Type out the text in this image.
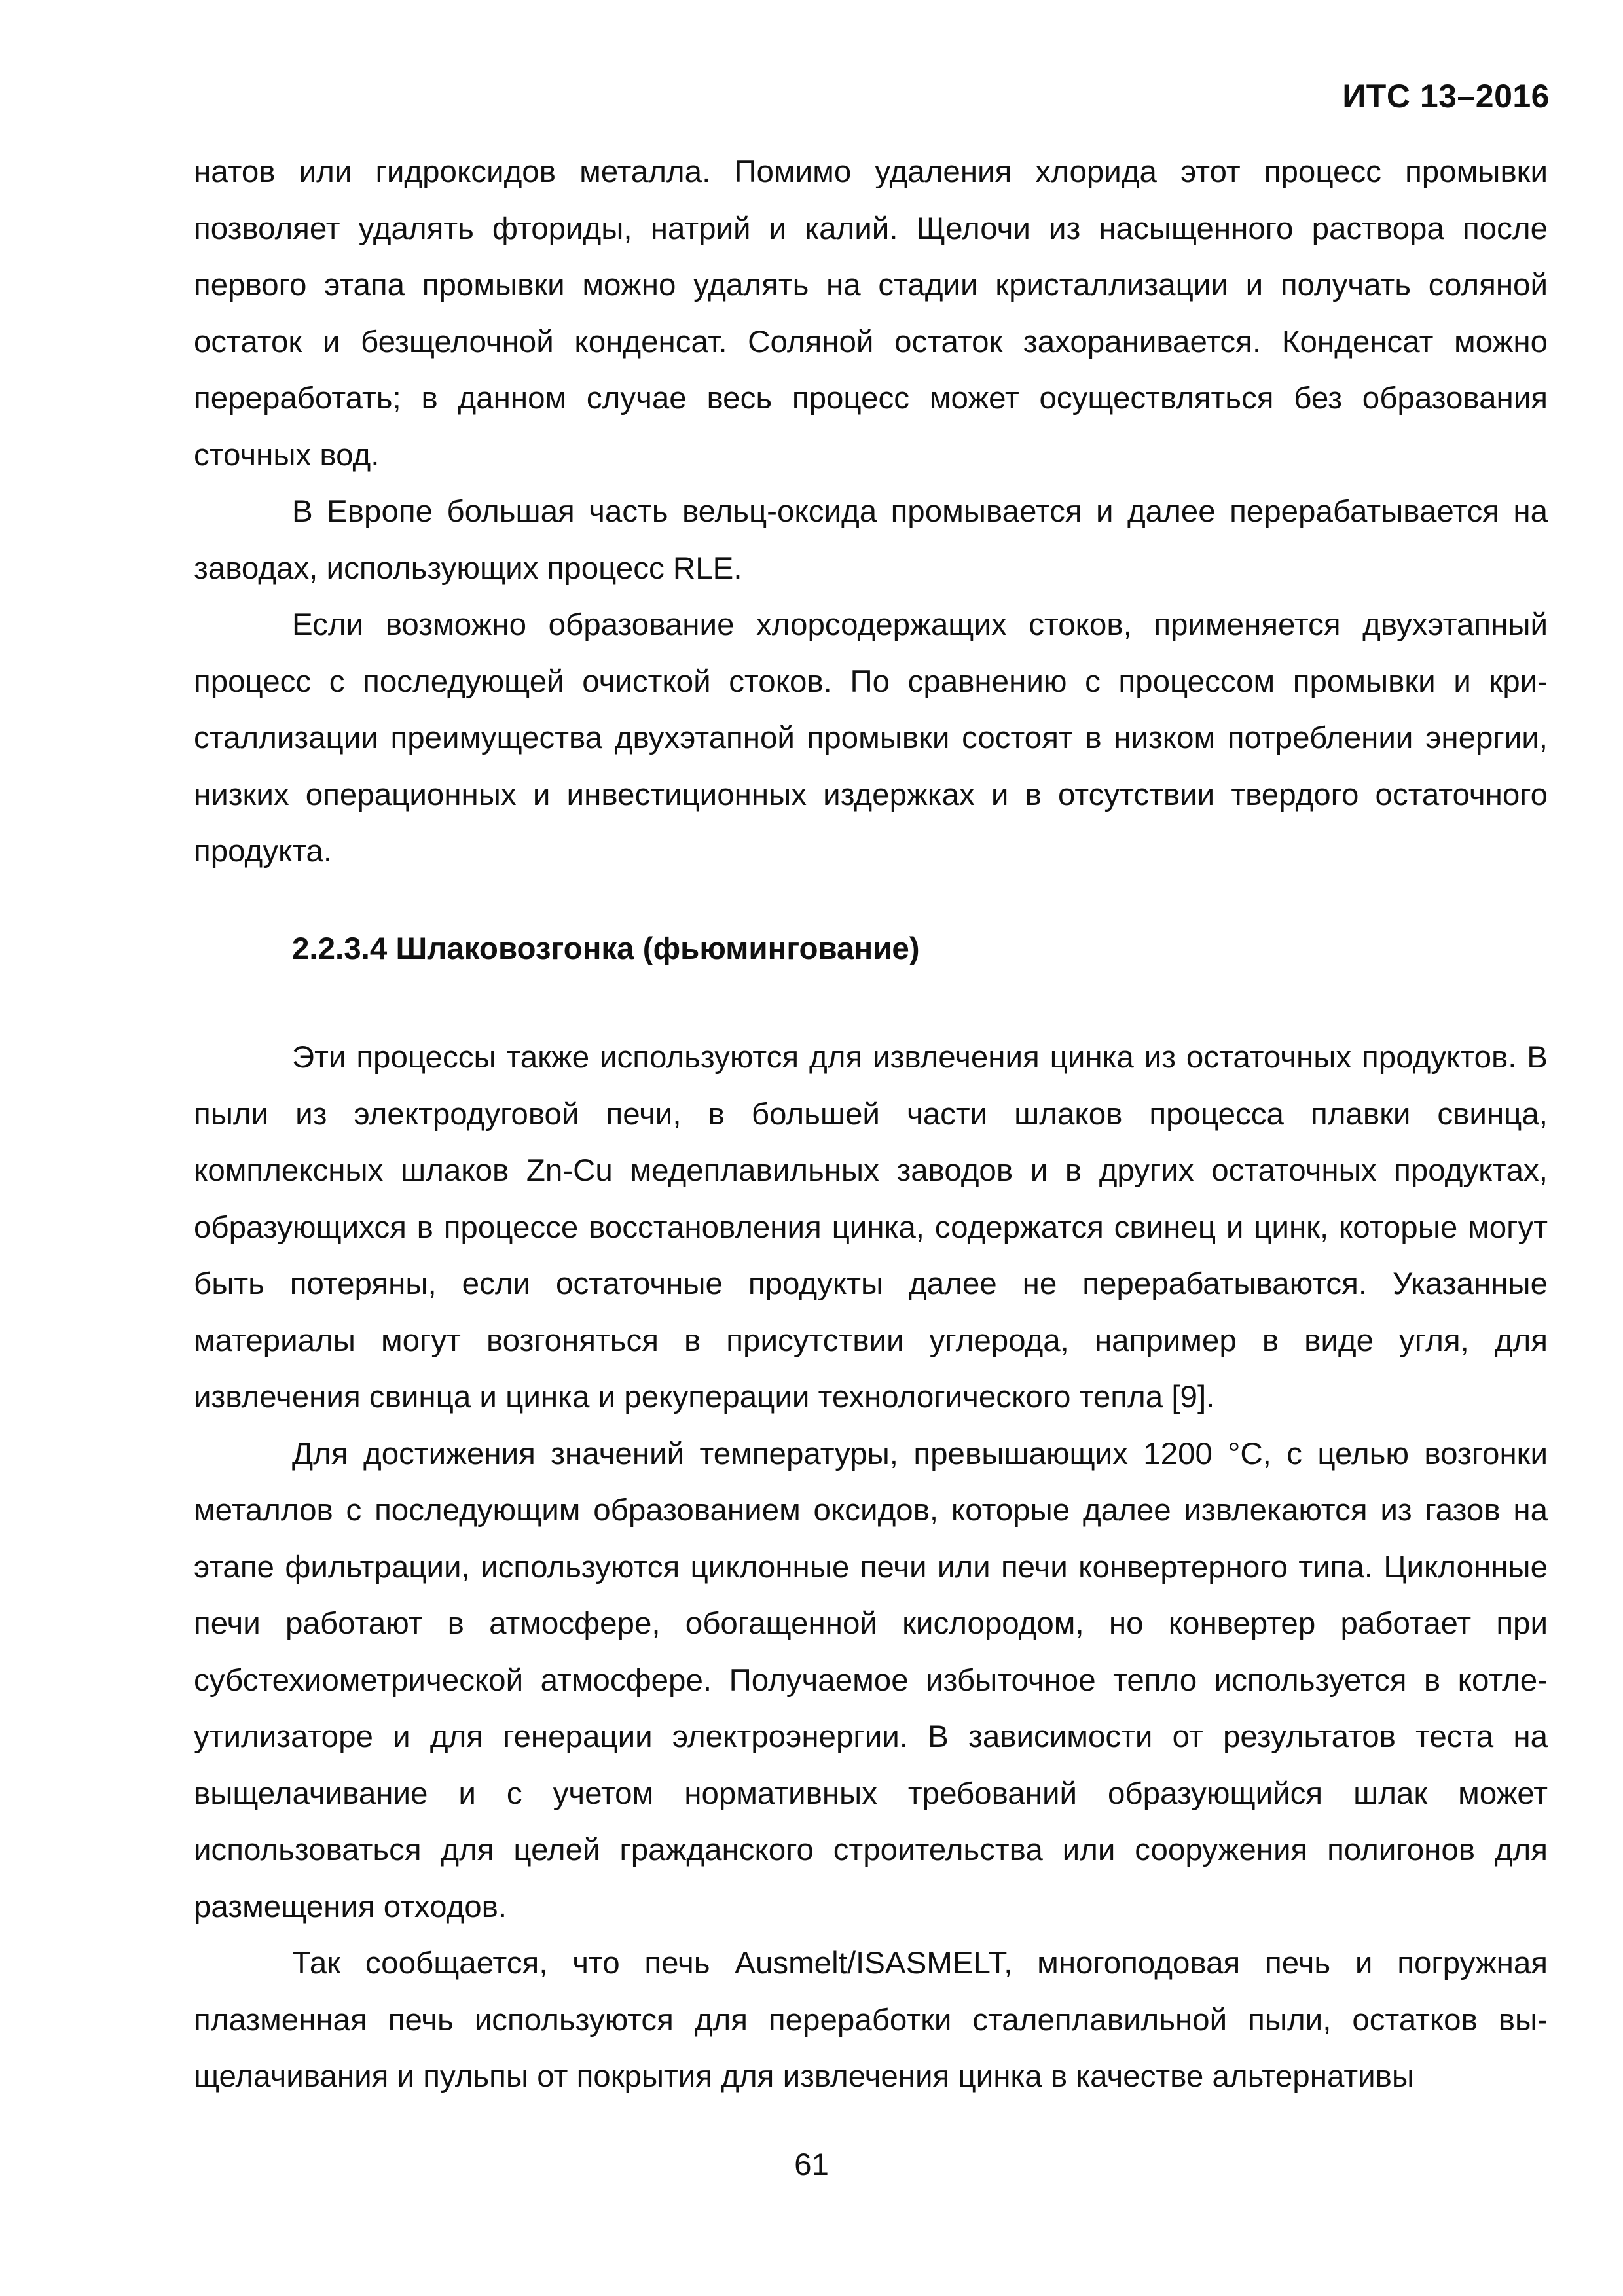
ИТС 13–2016

натов или гидроксидов металла. Помимо удаления хлорида этот процесс промывки позволяет удалять фториды, натрий и калий. Щелочи из насыщенного раствора после первого этапа промывки можно удалять на стадии кристаллизации и получать соляной остаток и безщелочной конденсат. Соляной остаток захоранивается. Конденсат можно переработать; в данном случае весь процесс может осуществляться без образования сточных вод.

В Европе большая часть вельц-оксида промывается и далее перерабатывается на заводах, использующих процесс RLE.

Если возможно образование хлорсодержащих стоков, применяется двухэтапный процесс с последующей очисткой стоков. По сравнению с процессом промывки и кристаллизации преимущества двухэтапной промывки состоят в низком потреблении энергии, низких операционных и инвестиционных издержках и в отсутствии твердого остаточного продукта.

2.2.3.4 Шлаковозгонка (фьюмингование)

Эти процессы также используются для извлечения цинка из остаточных продуктов. В пыли из электродуговой печи, в большей части шлаков процесса плавки свинца, комплексных шлаков Zn-Cu медеплавильных заводов и в других остаточных продуктах, образующихся в процессе восстановления цинка, содержатся свинец и цинк, которые могут быть потеряны, если остаточные продукты далее не перерабатываются. Указанные материалы могут возгоняться в присутствии углерода, например в виде угля, для извлечения свинца и цинка и рекуперации технологического тепла [9].

Для достижения значений температуры, превышающих 1200 °С, с целью возгонки металлов с последующим образованием оксидов, которые далее извлекаются из газов на этапе фильтрации, используются циклонные печи или печи конвертерного типа. Циклонные печи работают в атмосфере, обогащенной кислородом, но конвертер работает при субстехиометрической атмосфере. Получаемое избыточное тепло используется в котле-утилизаторе и для генерации электроэнергии. В зависимости от результатов теста на выщелачивание и с учетом нормативных требований образующийся шлак может использоваться для целей гражданского строительства или сооружения полигонов для размещения отходов.

Так сообщается, что печь Ausmelt/ISASMELT, многоподовая печь и погружная плазменная печь используются для переработки сталеплавильной пыли, остатков выщелачивания и пульпы от покрытия для извлечения цинка в качестве альтернативы

61
